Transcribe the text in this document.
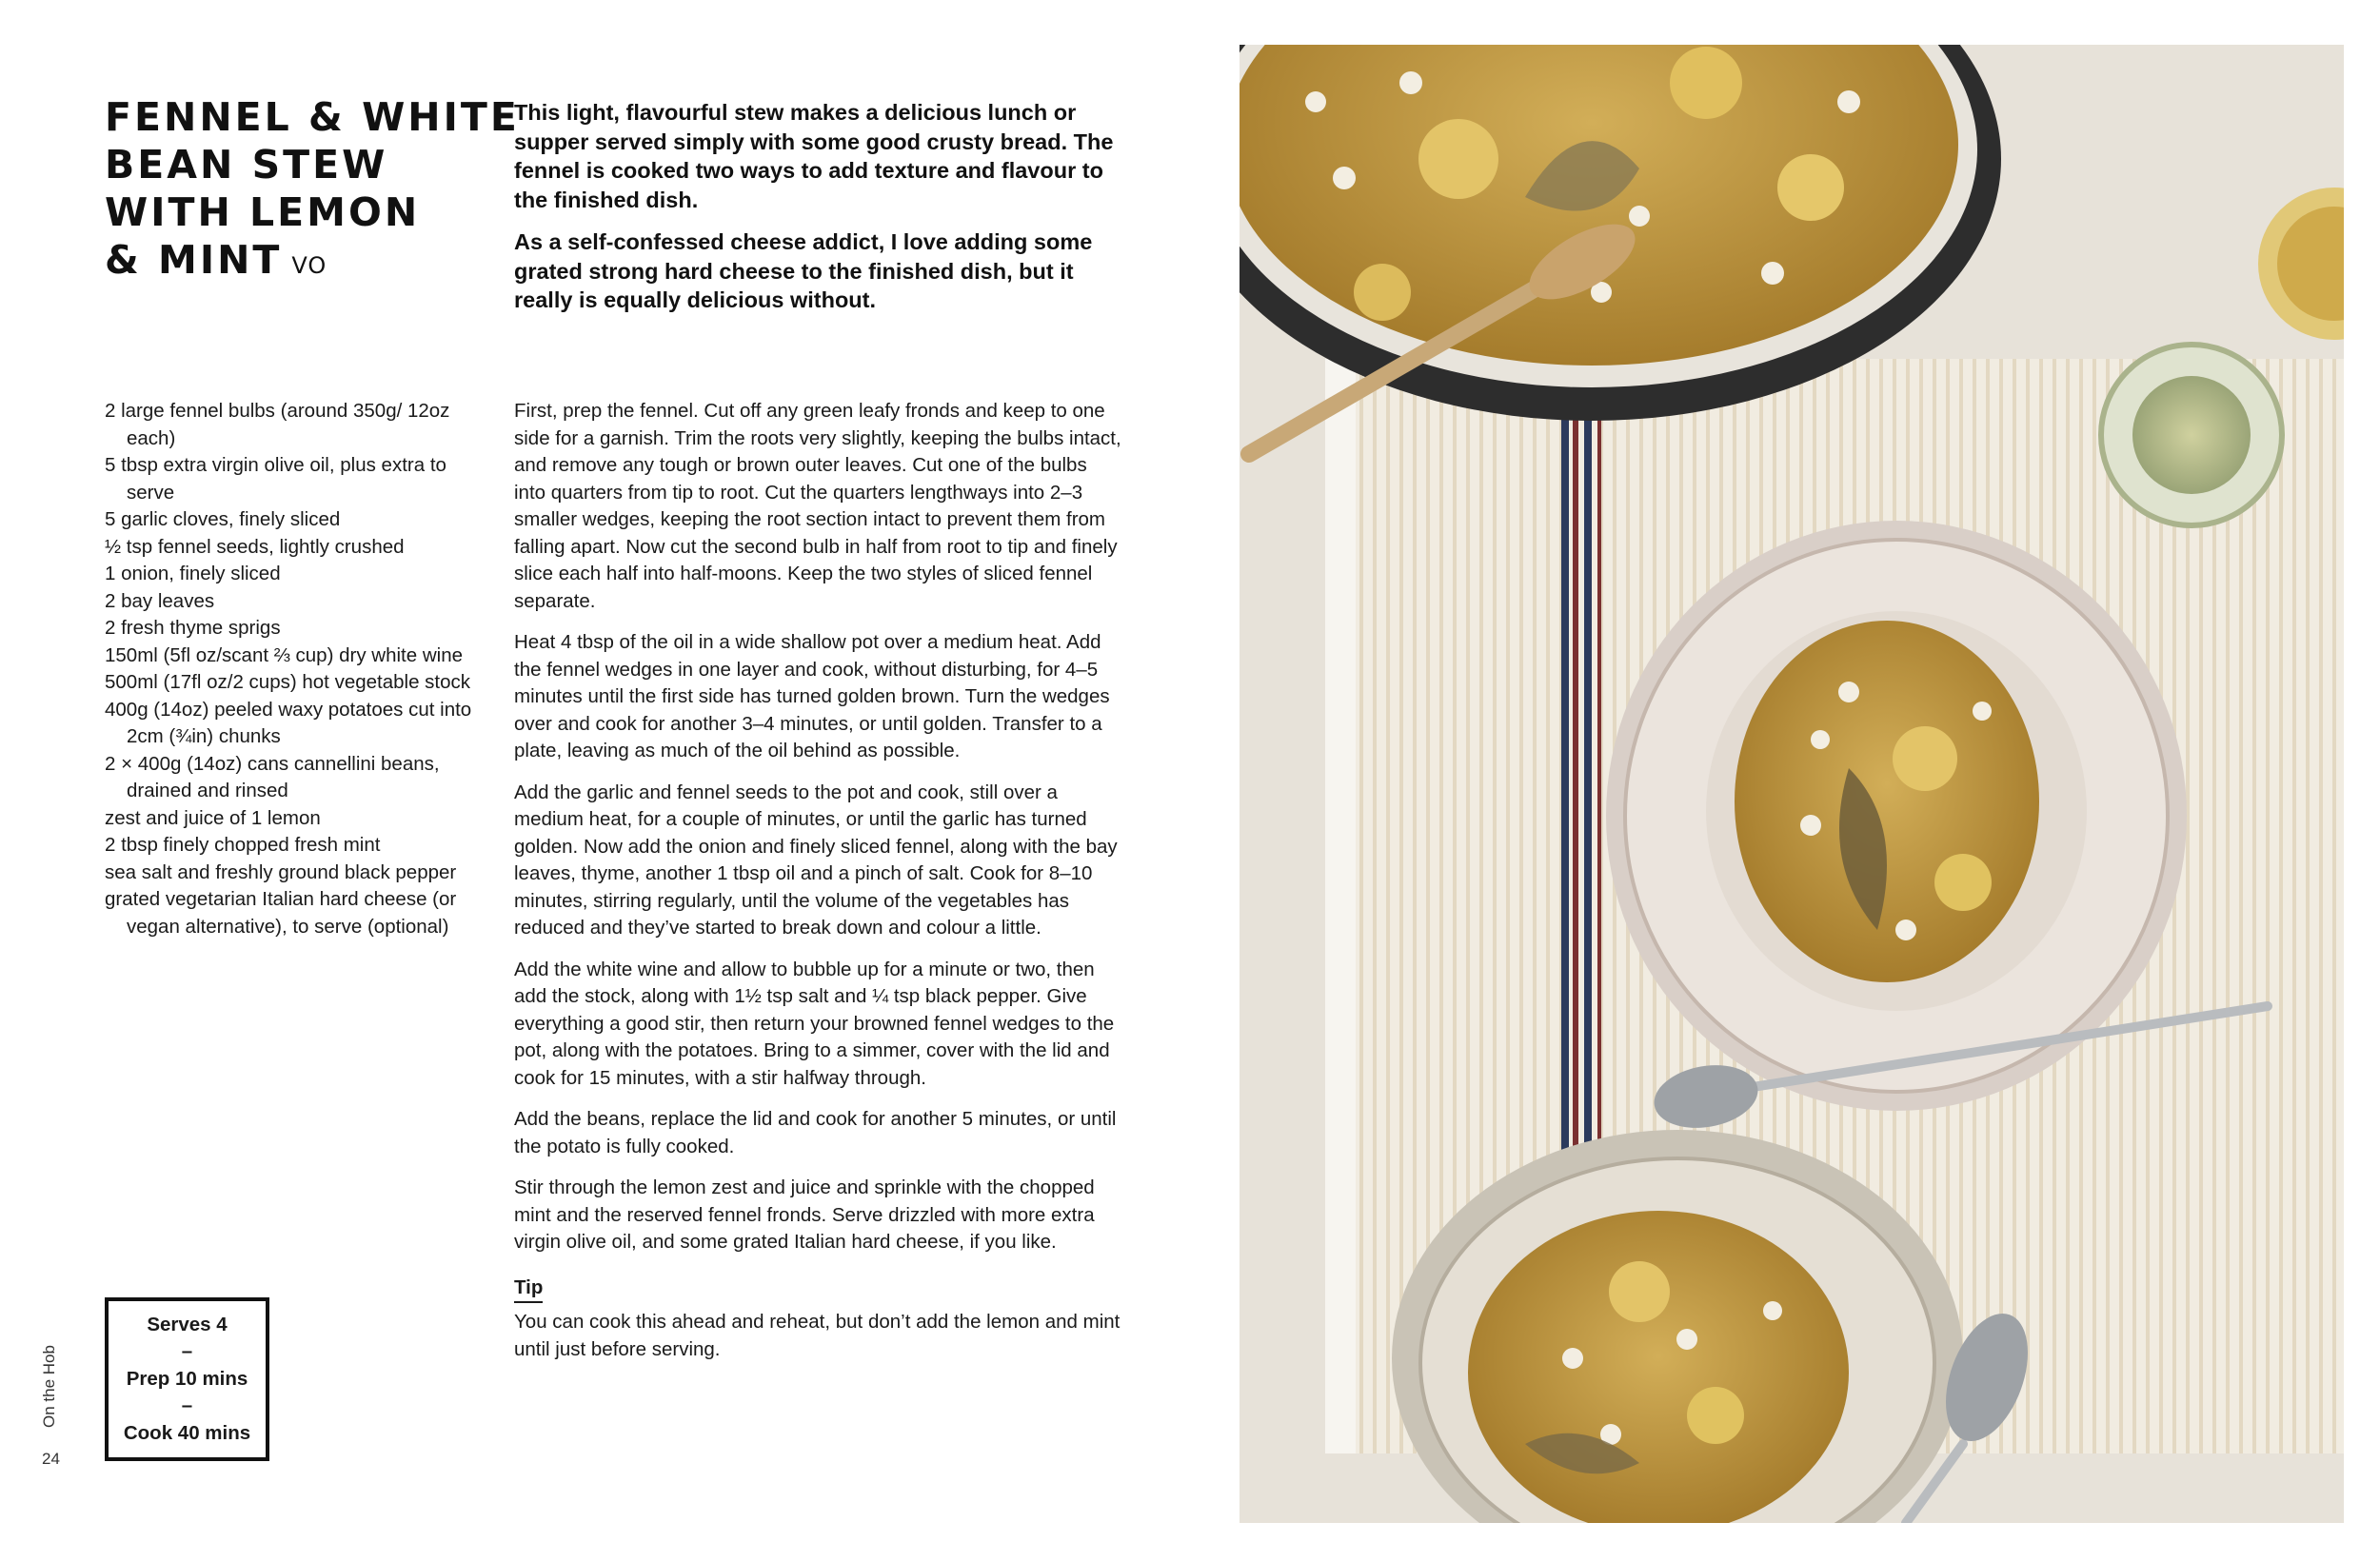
FENNEL & WHITE
BEAN STEW
WITH LEMON
& MINT VO

This light, flavourful stew makes a delicious lunch or supper served simply with some good crusty bread. The fennel is cooked two ways to add texture and flavour to the finished dish.

As a self-confessed cheese addict, I love adding some grated strong hard cheese to the finished dish, but it really is equally delicious without.

2 large fennel bulbs (around 350g/ 12oz each)
5 tbsp extra virgin olive oil, plus extra to serve
5 garlic cloves, finely sliced
½ tsp fennel seeds, lightly crushed
1 onion, finely sliced
2 bay leaves
2 fresh thyme sprigs
150ml (5fl oz/scant ⅔ cup) dry white wine
500ml (17fl oz/2 cups) hot vegetable stock
400g (14oz) peeled waxy potatoes cut into 2cm (¾in) chunks
2 × 400g (14oz) cans cannellini beans, drained and rinsed
zest and juice of 1 lemon
2 tbsp finely chopped fresh mint
sea salt and freshly ground black pepper
grated vegetarian Italian hard cheese (or vegan alternative), to serve (optional)

First, prep the fennel. Cut off any green leafy fronds and keep to one side for a garnish. Trim the roots very slightly, keeping the bulbs intact, and remove any tough or brown outer leaves. Cut one of the bulbs into quarters from tip to root. Cut the quarters lengthways into 2–3 smaller wedges, keeping the root section intact to prevent them from falling apart. Now cut the second bulb in half from root to tip and finely slice each half into half-moons. Keep the two styles of sliced fennel separate.

Heat 4 tbsp of the oil in a wide shallow pot over a medium heat. Add the fennel wedges in one layer and cook, without disturbing, for 4–5 minutes until the first side has turned golden brown. Turn the wedges over and cook for another 3–4 minutes, or until golden. Transfer to a plate, leaving as much of the oil behind as possible.

Add the garlic and fennel seeds to the pot and cook, still over a medium heat, for a couple of minutes, or until the garlic has turned golden. Now add the onion and finely sliced fennel, along with the bay leaves, thyme, another 1 tbsp oil and a pinch of salt. Cook for 8–10 minutes, stirring regularly, until the volume of the vegetables has reduced and they’ve started to break down and colour a little.

Add the white wine and allow to bubble up for a minute or two, then add the stock, along with 1½ tsp salt and ¼ tsp black pepper. Give everything a good stir, then return your browned fennel wedges to the pot, along with the potatoes. Bring to a simmer, cover with the lid and cook for 15 minutes, with a stir halfway through.

Add the beans, replace the lid and cook for another 5 minutes, or until the potato is fully cooked.

Stir through the lemon zest and juice and sprinkle with the chopped mint and the reserved fennel fronds. Serve drizzled with more extra virgin olive oil, and some grated Italian hard cheese, if you like.

Tip

You can cook this ahead and reheat, but don’t add the lemon and mint until just before serving.

Serves 4
–
Prep 10 mins
–
Cook 40 mins
On the Hob
24
